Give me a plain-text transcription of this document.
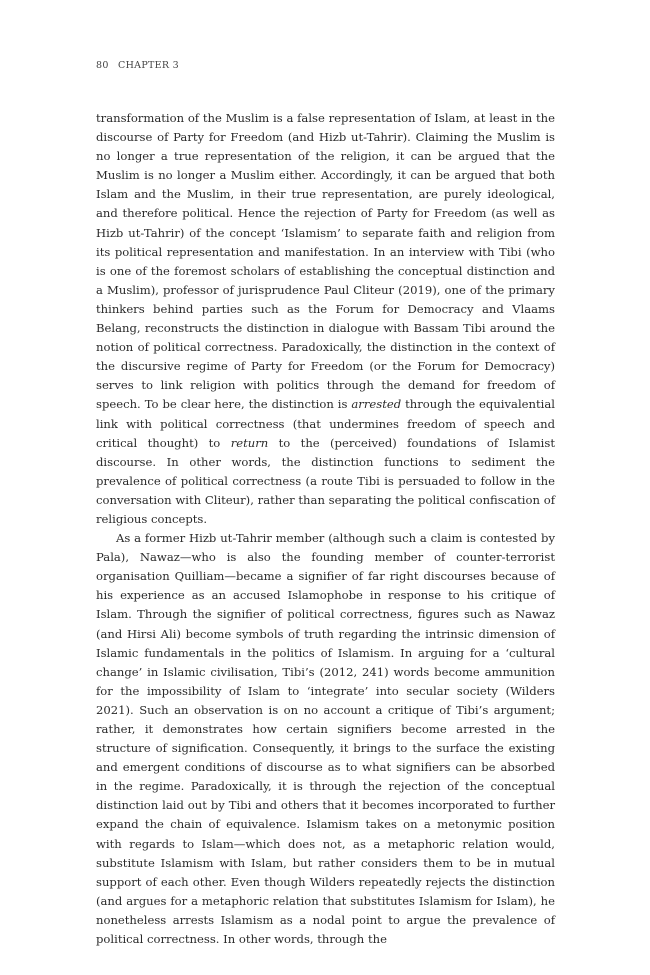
80 CHAPTER 3

transformation of the Muslim is a false representation of Islam, at least in the discourse of Party for Freedom (and Hizb ut-Tahrir). Claiming the Muslim is no longer a true representation of the religion, it can be argued that the Muslim is no longer a Muslim either. Accordingly, it can be argued that both Islam and the Muslim, in their true representation, are purely ideological, and therefore political. Hence the rejection of Party for Freedom (as well as Hizb ut-Tahrir) of the concept ‘Islamism’ to separate faith and religion from its political representation and manifestation. In an interview with Tibi (who is one of the foremost scholars of establishing the conceptual distinction and a Muslim), professor of jurisprudence Paul Cliteur (2019), one of the primary thinkers behind parties such as the Forum for Democracy and Vlaams Belang, reconstructs the distinction in dialogue with Bassam Tibi around the notion of political correctness. Paradoxically, the distinction in the context of the discursive regime of Party for Freedom (or the Forum for Democracy) serves to link religion with politics through the demand for freedom of speech. To be clear here, the distinction is arrested through the equivalential link with political correctness (that undermines freedom of speech and critical thought) to return to the (perceived) foundations of Islamist discourse. In other words, the distinction functions to sediment the prevalence of political correctness (a route Tibi is persuaded to follow in the conversation with Cliteur), rather than separating the political confiscation of religious concepts.

As a former Hizb ut-Tahrir member (although such a claim is contested by Pala), Nawaz—who is also the founding member of counter-terrorist organisation Quilliam—became a signifier of far right discourses because of his experience as an accused Islamophobe in response to his critique of Islam. Through the signifier of political correctness, figures such as Nawaz (and Hirsi Ali) become symbols of truth regarding the intrinsic dimension of Islamic fundamentals in the politics of Islamism. In arguing for a ‘cultural change’ in Islamic civilisation, Tibi’s (2012, 241) words become ammunition for the impossibility of Islam to ‘integrate’ into secular society (Wilders 2021). Such an observation is on no account a critique of Tibi’s argument; rather, it demonstrates how certain signifiers become arrested in the structure of signification. Consequently, it brings to the surface the existing and emergent conditions of discourse as to what signifiers can be absorbed in the regime. Paradoxically, it is through the rejection of the conceptual distinction laid out by Tibi and others that it becomes incorporated to further expand the chain of equivalence. Islamism takes on a metonymic position with regards to Islam—which does not, as a metaphoric relation would, substitute Islamism with Islam, but rather considers them to be in mutual support of each other. Even though Wilders repeatedly rejects the distinction (and argues for a metaphoric relation that substitutes Islamism for Islam), he nonetheless arrests Islamism as a nodal point to argue the prevalence of political correctness. In other words, through the
